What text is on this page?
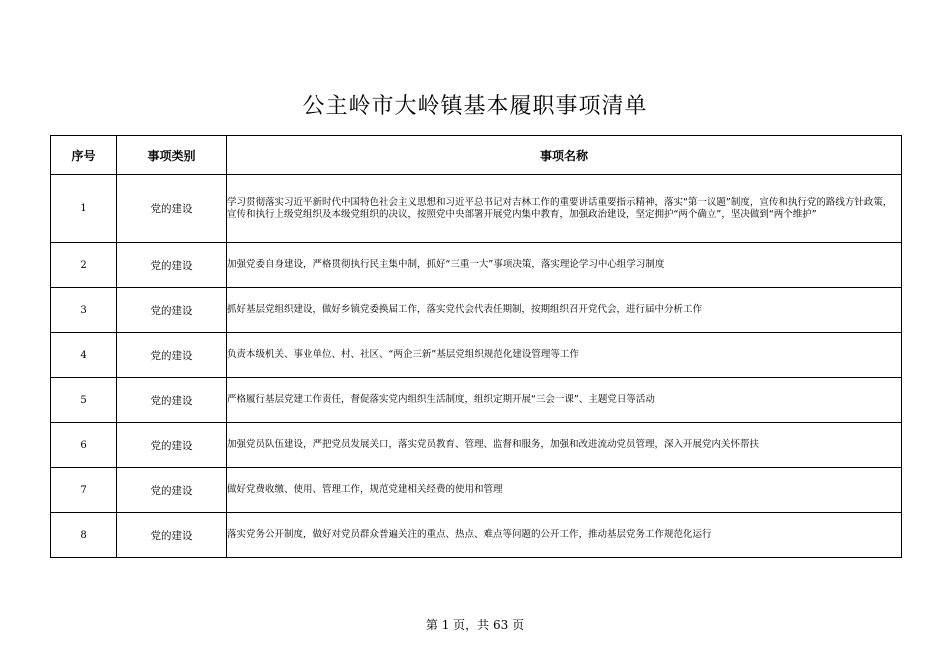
公主岭市大岭镇基本履职事项清单
序号	事项类别	事项名称
1	党的建设	学习贯彻落实习近平新时代中国特色社会主义思想和习近平总书记对吉林工作的重要讲话重要指示精神，落实“第一议题”制度，宣传和执行党的路线方针政策，宣传和执行上级党组织及本级党组织的决议，按照党中央部署开展党内集中教育，加强政治建设，坚定拥护“两个确立”，坚决做到“两个维护”
2	党的建设	加强党委自身建设，严格贯彻执行民主集中制，抓好“三重一大”事项决策，落实理论学习中心组学习制度
3	党的建设	抓好基层党组织建设，做好乡镇党委换届工作，落实党代会代表任期制，按期组织召开党代会，进行届中分析工作
4	党的建设	负责本级机关、事业单位、村、社区、“两企三新”基层党组织规范化建设管理等工作
5	党的建设	严格履行基层党建工作责任，督促落实党内组织生活制度，组织定期开展“三会一课”、主题党日等活动
6	党的建设	加强党员队伍建设，严把党员发展关口，落实党员教育、管理、监督和服务，加强和改进流动党员管理，深入开展党内关怀帮扶
7	党的建设	做好党费收缴、使用、管理工作，规范党建相关经费的使用和管理
8	党的建设	落实党务公开制度，做好对党员群众普遍关注的重点、热点、难点等问题的公开工作，推动基层党务工作规范化运行
第 1 页，共 63 页
